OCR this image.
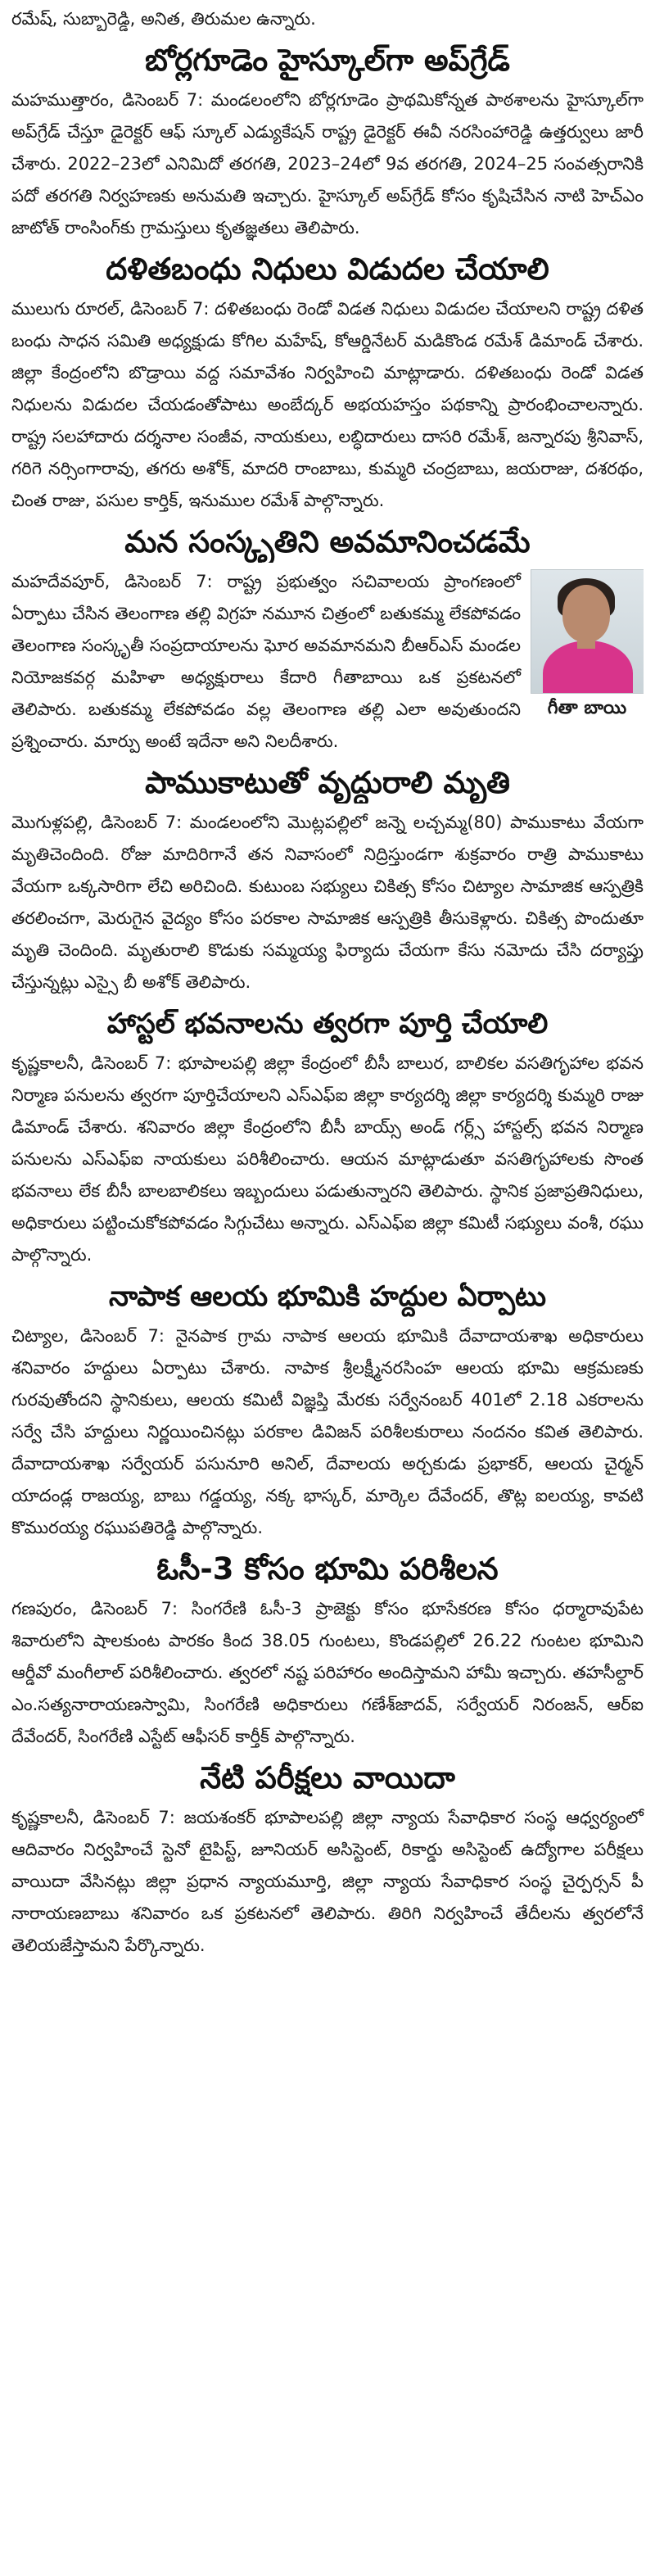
రమేష్, సుబ్బారెడ్డి, అనిత, తిరుమల ఉన్నారు.

బోర్లగూడెం హైస్కూల్‌గా అప్‌గ్రేడ్

మహముత్తారం, డిసెంబర్ 7: మండలంలోని బోర్లగూడెం ప్రాథమికోన్నత పాఠశాలను హైస్కూల్‌గా అప్‌గ్రేడ్ చేస్తూ డైరెక్టర్ ఆఫ్ స్కూల్ ఎడ్యుకేషన్ రాష్ట్ర డైరెక్టర్ ఈవీ నరసింహారెడ్డి ఉత్తర్వులు జారీ చేశారు. 2022–23లో ఎనిమిదో తరగతి, 2023–24లో 9వ తరగతి, 2024–25 సంవత్సరానికి పదో తరగతి నిర్వహణకు అనుమతి ఇచ్చారు. హైస్కూల్ అప్‌గ్రేడ్ కోసం కృషిచేసిన నాటి హెచ్‌ఎం జాటోత్ రాంసింగ్‌కు గ్రామస్తులు కృతజ్ఞతలు తెలిపారు.

దళితబంధు నిధులు విడుదల చేయాలి

ములుగు రూరల్, డిసెంబర్ 7: దళితబంధు రెండో విడత నిధులు విడుదల చేయాలని రాష్ట్ర దళిత బంధు సాధన సమితి అధ్యక్షుడు కోగిల మహేష్, కోఆర్డినేటర్ మడికొండ రమేశ్ డిమాండ్ చేశారు. జిల్లా కేంద్రంలోని బొడ్రాయి వద్ద సమావేశం నిర్వహించి మాట్లాడారు. దళితబంధు రెండో విడత నిధులను విడుదల చేయడంతోపాటు అంబేద్కర్ అభయహస్తం పథకాన్ని ప్రారంభించాలన్నారు. రాష్ట్ర సలహాదారు దర్శనాల సంజీవ, నాయకులు, లబ్ధిదారులు దాసరి రమేశ్, జన్నారపు శ్రీనివాస్, గరిగె నర్సింగారావు, తగరు అశోక్, మాదరి రాంబాబు, కుమ్మరి చంద్రబాబు, జయరాజు, దశరథం, చింత రాజు, పసుల కార్తిక్, ఇనుముల రమేశ్ పాల్గొన్నారు.

మన సంస్కృతిని అవమానించడమే
గీతా బాయి

మహదేవపూర్, డిసెంబర్ 7: రాష్ట్ర ప్రభుత్వం సచివాలయ ప్రాంగణంలో ఏర్పాటు చేసిన తెలంగాణ తల్లి విగ్రహ నమూన చిత్రంలో బతుకమ్మ లేకపోవడం తెలంగాణ సంస్కృతీ సంప్రదాయాలను ఘోర అవమానమని బీఆర్‌ఎస్ మండల నియోజకవర్గ మహిళా అధ్యక్షురాలు కేదారి గీతాబాయి ఒక ప్రకటనలో తెలిపారు. బతుకమ్మ లేకపోవడం వల్ల తెలంగాణ తల్లి ఎలా అవుతుందని ప్రశ్నించారు. మార్పు అంటే ఇదేనా అని నిలదీశారు.

పాముకాటుతో వృద్ధురాలి మృతి

మొగుళ్లపల్లి, డిసెంబర్ 7: మండలంలోని మొట్లపల్లిలో జన్నె లచ్చమ్మ(80) పాముకాటు వేయగా మృతిచెందింది. రోజు మాదిరిగానే తన నివాసంలో నిద్రిస్తుండగా శుక్రవారం రాత్రి పాముకాటు వేయగా ఒక్కసారిగా లేచి అరిచింది. కుటుంబ సభ్యులు చికిత్స కోసం చిట్యాల సామాజిక ఆస్పత్రికి తరలించగా, మెరుగైన వైద్యం కోసం పరకాల సామాజిక ఆస్పత్రికి తీసుకెళ్లారు. చికిత్స పొందుతూ మృతి చెందింది. మృతురాలి కొడుకు సమ్మయ్య ఫిర్యాదు చేయగా కేసు నమోదు చేసి దర్యాప్తు చేస్తున్నట్లు ఎస్సై బీ అశోక్ తెలిపారు.

హాస్టల్ భవనాలను త్వరగా పూర్తి చేయాలి

కృష్ణకాలనీ, డిసెంబర్ 7: భూపాలపల్లి జిల్లా కేంద్రంలో బీసీ బాలుర, బాలికల వసతిగృహాల భవన నిర్మాణ పనులను త్వరగా పూర్తిచేయాలని ఎస్‌ఎఫ్‌ఐ జిల్లా కార్యదర్శి జిల్లా కార్యదర్శి కుమ్మరి రాజు డిమాండ్ చేశారు. శనివారం జిల్లా కేంద్రంలోని బీసీ బాయ్స్ అండ్ గర్ల్స్ హాస్టల్స్ భవన నిర్మాణ పనులను ఎస్‌ఎఫ్‌ఐ నాయకులు పరిశీలించారు. ఆయన మాట్లాడుతూ వసతిగృహాలకు సొంత భవనాలు లేక బీసీ బాలబాలికలు ఇబ్బందులు పడుతున్నారని తెలిపారు. స్థానిక ప్రజాప్రతినిధులు, అధికారులు పట్టించుకోకపోవడం సిగ్గుచేటు అన్నారు. ఎస్‌ఎఫ్‌ఐ జిల్లా కమిటీ సభ్యులు వంశీ, రఘు పాల్గొన్నారు.

నాపాక ఆలయ భూమికి హద్దుల ఏర్పాటు

చిట్యాల, డిసెంబర్ 7: నైనపాక గ్రామ నాపాక ఆలయ భూమికి దేవాదాయశాఖ అధికారులు శనివారం హద్దులు ఏర్పాటు చేశారు. నాపాక శ్రీలక్ష్మీనరసింహ ఆలయ భూమి ఆక్రమణకు గురవుతోందని స్థానికులు, ఆలయ కమిటీ విజ్ఞప్తి మేరకు సర్వేనంబర్ 401లో 2.18 ఎకరాలను సర్వే చేసి హద్దులు నిర్ణయించినట్లు పరకాల డివిజన్ పరిశీలకురాలు నందనం కవిత తెలిపారు. దేవాదాయశాఖ సర్వేయర్ పసునూరి అనిల్, దేవాలయ అర్చకుడు ప్రభాకర్, ఆలయ చైర్మన్ యాదండ్ల రాజయ్య, బాబు గడ్డయ్య, నక్క భాస్కర్, మార్కెల దేవేందర్, తొట్ల ఐలయ్య, కావటి కొమురయ్య రఘుపతిరెడ్డి పాల్గొన్నారు.

ఓసీ-3 కోసం భూమి పరిశీలన

గణపురం, డిసెంబర్ 7: సింగరేణి ఓసీ-3 ప్రాజెక్టు కోసం భూసేకరణ కోసం ధర్మారావుపేట శివారులోని షాలకుంట పారకం కింద 38.05 గుంటలు, కొండపల్లిలో 26.22 గుంటల భూమిని ఆర్డీవో మంగీలాల్ పరిశీలించారు. త్వరలో నష్ట పరిహారం అందిస్తామని హామీ ఇచ్చారు. తహసీల్దార్ ఎం.సత్యనారాయణస్వామి, సింగరేణి అధికారులు గణేశ్‌జాదవ్, సర్వేయర్ నిరంజన్, ఆర్‌ఐ దేవేందర్, సింగరేణి ఎస్టేట్ ఆఫీసర్ కార్తీక్ పాల్గొన్నారు.

నేటి పరీక్షలు వాయిదా

కృష్ణకాలనీ, డిసెంబర్ 7: జయశంకర్ భూపాలపల్లి జిల్లా న్యాయ సేవాధికార సంస్థ ఆధ్వర్యంలో ఆదివారం నిర్వహించే స్టెనో టైపిస్ట్, జూనియర్ అసిస్టెంట్, రికార్డు అసిస్టెంట్ ఉద్యోగాల పరీక్షలు వాయిదా వేసినట్లు జిల్లా ప్రధాన న్యాయమూర్తి, జిల్లా న్యాయ సేవాధికార సంస్థ చైర్పర్సన్ పీ నారాయణబాబు శనివారం ఒక ప్రకటనలో తెలిపారు. తిరిగి నిర్వహించే తేదీలను త్వరలోనే తెలియజేస్తామని పేర్కొన్నారు.
